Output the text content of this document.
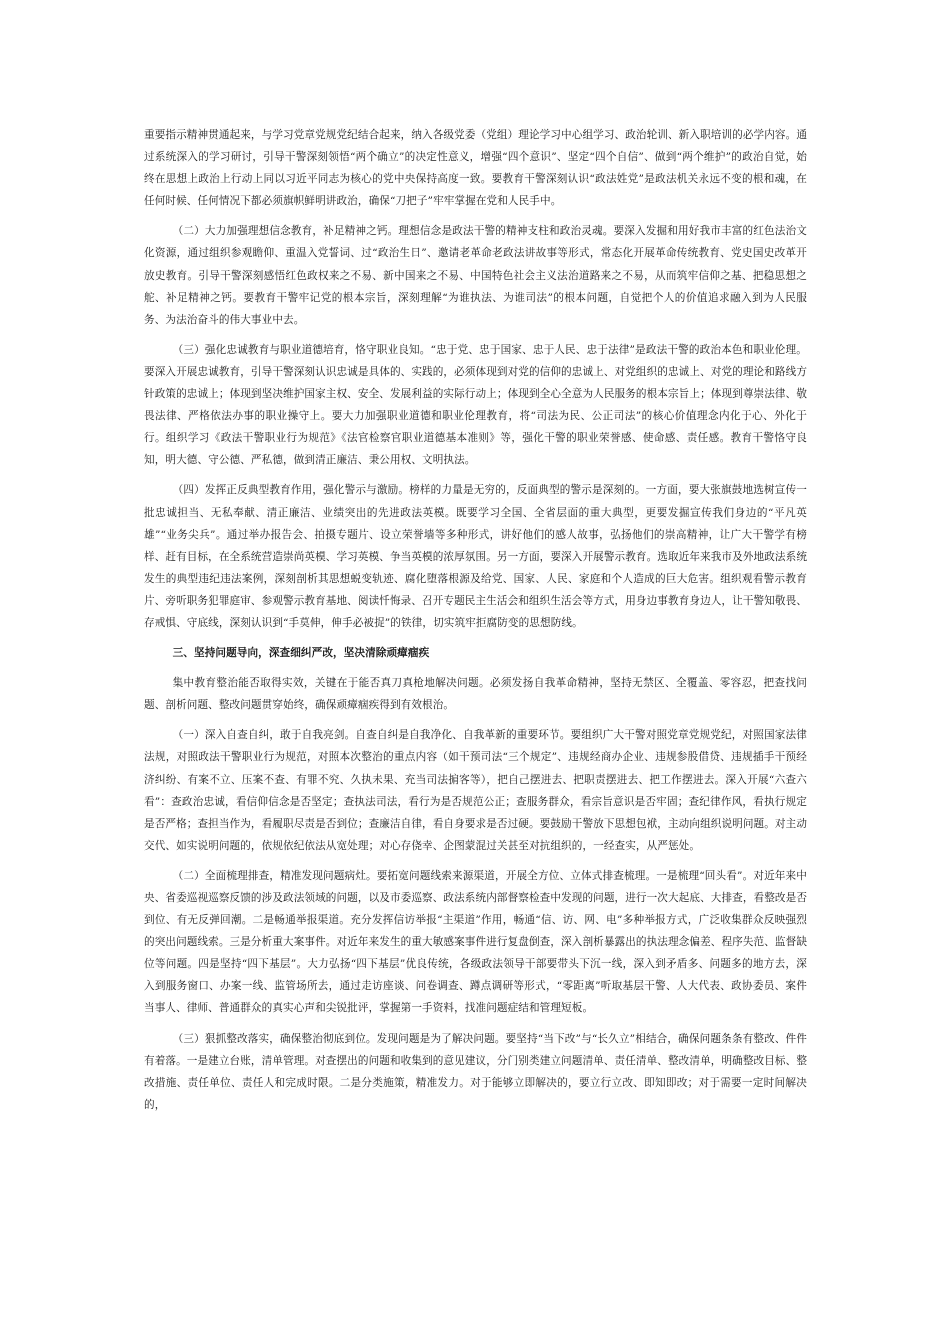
重要指示精神贯通起来，与学习党章党规党纪结合起来，纳入各级党委（党组）理论学习中心组学习、政治轮训、新入职培训的必学内容。通过系统深入的学习研讨，引导干警深刻领悟“两个确立”的决定性意义，增强“四个意识”、坚定“四个自信”、做到“两个维护”的政治自觉，始终在思想上政治上行动上同以习近平同志为核心的党中央保持高度一致。要教育干警深刻认识“政法姓党”是政法机关永远不变的根和魂，在任何时候、任何情况下都必须旗帜鲜明讲政治，确保“刀把子”牢牢掌握在党和人民手中。

（二）大力加强理想信念教育，补足精神之钙。理想信念是政法干警的精神支柱和政治灵魂。要深入发掘和用好我市丰富的红色法治文化资源，通过组织参观瞻仰、重温入党誓词、过“政治生日”、邀请老革命老政法讲故事等形式，常态化开展革命传统教育、党史国史改革开放史教育。引导干警深刻感悟红色政权来之不易、新中国来之不易、中国特色社会主义法治道路来之不易，从而筑牢信仰之基、把稳思想之舵、补足精神之钙。要教育干警牢记党的根本宗旨，深刻理解“为谁执法、为谁司法”的根本问题，自觉把个人的价值追求融入到为人民服务、为法治奋斗的伟大事业中去。

（三）强化忠诚教育与职业道德培育，恪守职业良知。“忠于党、忠于国家、忠于人民、忠于法律”是政法干警的政治本色和职业伦理。要深入开展忠诚教育，引导干警深刻认识忠诚是具体的、实践的，必须体现到对党的信仰的忠诚上、对党组织的忠诚上、对党的理论和路线方针政策的忠诚上；体现到坚决维护国家主权、安全、发展利益的实际行动上；体现到全心全意为人民服务的根本宗旨上；体现到尊崇法律、敬畏法律、严格依法办事的职业操守上。要大力加强职业道德和职业伦理教育，将“司法为民、公正司法”的核心价值理念内化于心、外化于行。组织学习《政法干警职业行为规范》《法官检察官职业道德基本准则》等，强化干警的职业荣誉感、使命感、责任感。教育干警恪守良知，明大德、守公德、严私德，做到清正廉洁、秉公用权、文明执法。

（四）发挥正反典型教育作用，强化警示与激励。榜样的力量是无穷的，反面典型的警示是深刻的。一方面，要大张旗鼓地选树宣传一批忠诚担当、无私奉献、清正廉洁、业绩突出的先进政法英模。既要学习全国、全省层面的重大典型，更要发掘宣传我们身边的“平凡英雄”“业务尖兵”。通过举办报告会、拍摄专题片、设立荣誉墙等多种形式，讲好他们的感人故事，弘扬他们的崇高精神，让广大干警学有榜样、赶有目标，在全系统营造崇尚英模、学习英模、争当英模的浓厚氛围。另一方面，要深入开展警示教育。选取近年来我市及外地政法系统发生的典型违纪违法案例，深刻剖析其思想蜕变轨迹、腐化堕落根源及给党、国家、人民、家庭和个人造成的巨大危害。组织观看警示教育片、旁听职务犯罪庭审、参观警示教育基地、阅读忏悔录、召开专题民主生活会和组织生活会等方式，用身边事教育身边人，让干警知敬畏、存戒惧、守底线，深刻认识到“手莫伸，伸手必被捉”的铁律，切实筑牢拒腐防变的思想防线。

三、坚持问题导向，深查细纠严改，坚决清除顽瘴痼疾

集中教育整治能否取得实效，关键在于能否真刀真枪地解决问题。必须发扬自我革命精神，坚持无禁区、全覆盖、零容忍，把查找问题、剖析问题、整改问题贯穿始终，确保顽瘴痼疾得到有效根治。

（一）深入自查自纠，敢于自我亮剑。自查自纠是自我净化、自我革新的重要环节。要组织广大干警对照党章党规党纪，对照国家法律法规，对照政法干警职业行为规范，对照本次整治的重点内容（如干预司法“三个规定”、违规经商办企业、违规参股借贷、违规插手干预经济纠纷、有案不立、压案不查、有罪不究、久执未果、充当司法掮客等），把自己摆进去、把职责摆进去、把工作摆进去。深入开展“六查六看”：查政治忠诚，看信仰信念是否坚定；查执法司法，看行为是否规范公正；查服务群众，看宗旨意识是否牢固；查纪律作风，看执行规定是否严格；查担当作为，看履职尽责是否到位；查廉洁自律，看自身要求是否过硬。要鼓励干警放下思想包袱，主动向组织说明问题。对主动交代、如实说明问题的，依规依纪依法从宽处理；对心存侥幸、企图蒙混过关甚至对抗组织的，一经查实，从严惩处。

（二）全面梳理排查，精准发现问题病灶。要拓宽问题线索来源渠道，开展全方位、立体式排查梳理。一是梳理“回头看”。对近年来中央、省委巡视巡察反馈的涉及政法领域的问题，以及市委巡察、政法系统内部督察检查中发现的问题，进行一次大起底、大排查，看整改是否到位、有无反弹回潮。二是畅通举报渠道。充分发挥信访举报“主渠道”作用，畅通“信、访、网、电”多种举报方式，广泛收集群众反映强烈的突出问题线索。三是分析重大案事件。对近年来发生的重大敏感案事件进行复盘倒查，深入剖析暴露出的执法理念偏差、程序失范、监督缺位等问题。四是坚持“四下基层”。大力弘扬“四下基层”优良传统，各级政法领导干部要带头下沉一线，深入到矛盾多、问题多的地方去，深入到服务窗口、办案一线、监管场所去，通过走访座谈、问卷调查、蹲点调研等形式，“零距离”听取基层干警、人大代表、政协委员、案件当事人、律师、普通群众的真实心声和尖锐批评，掌握第一手资料，找准问题症结和管理短板。

（三）狠抓整改落实，确保整治彻底到位。发现问题是为了解决问题。要坚持“当下改”与“长久立”相结合，确保问题条条有整改、件件有着落。一是建立台账，清单管理。对查摆出的问题和收集到的意见建议，分门别类建立问题清单、责任清单、整改清单，明确整改目标、整改措施、责任单位、责任人和完成时限。二是分类施策，精准发力。对于能够立即解决的，要立行立改、即知即改；对于需要一定时间解决的，
